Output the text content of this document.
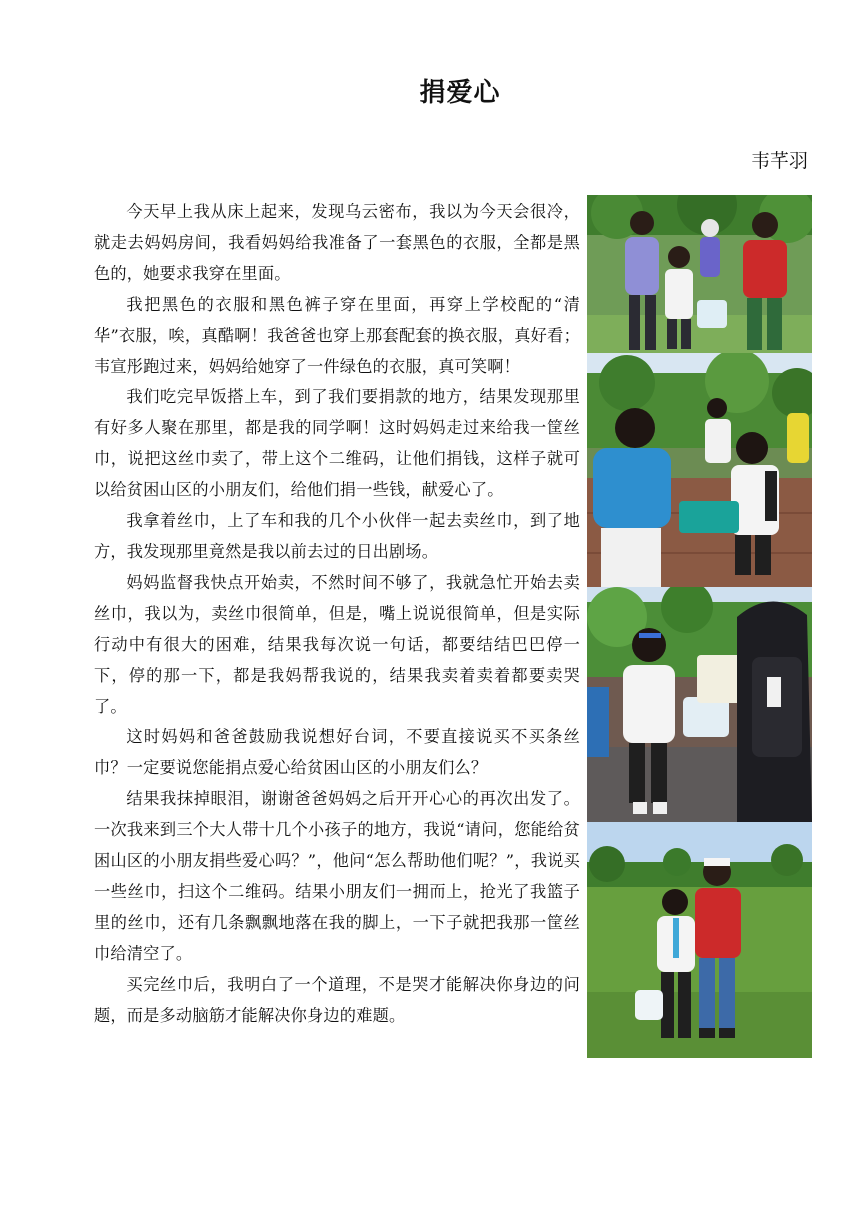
捐爱心
韦芊羽

今天早上我从床上起来，发现乌云密布，我以为今天会很冷，就走去妈妈房间，我看妈妈给我准备了一套黑色的衣服，全都是黑色的，她要求我穿在里面。

我把黑色的衣服和黑色裤子穿在里面，再穿上学校配的“清华”衣服，唉，真酷啊！我爸爸也穿上那套配套的换衣服，真好看；韦宣彤跑过来，妈妈给她穿了一件绿色的衣服，真可笑啊！

我们吃完早饭搭上车，到了我们要捐款的地方，结果发现那里有好多人聚在那里，都是我的同学啊！这时妈妈走过来给我一筐丝巾，说把这丝巾卖了，带上这个二维码，让他们捐钱，这样子就可以给贫困山区的小朋友们，给他们捐一些钱，献爱心了。

我拿着丝巾，上了车和我的几个小伙伴一起去卖丝巾，到了地方，我发现那里竟然是我以前去过的日出剧场。

妈妈监督我快点开始卖，不然时间不够了，我就急忙开始去卖丝巾，我以为，卖丝巾很简单，但是，嘴上说说很简单，但是实际行动中有很大的困难，结果我每次说一句话，都要结结巴巴停一下，停的那一下，都是我妈帮我说的，结果我卖着卖着都要卖哭了。

这时妈妈和爸爸鼓励我说想好台词，不要直接说买不买条丝巾？一定要说您能捐点爱心给贫困山区的小朋友们么？

结果我抹掉眼泪，谢谢爸爸妈妈之后开开心心的再次出发了。一次我来到三个大人带十几个小孩子的地方，我说“请问，您能给贫困山区的小朋友捐些爱心吗？”，他问“怎么帮助他们呢？”，我说买一些丝巾，扫这个二维码。结果小朋友们一拥而上，抢光了我篮子里的丝巾，还有几条飘飘地落在我的脚上，一下子就把我那一筐丝巾给清空了。

买完丝巾后，我明白了一个道理，不是哭才能解决你身边的问题，而是多动脑筋才能解决你身边的难题。
